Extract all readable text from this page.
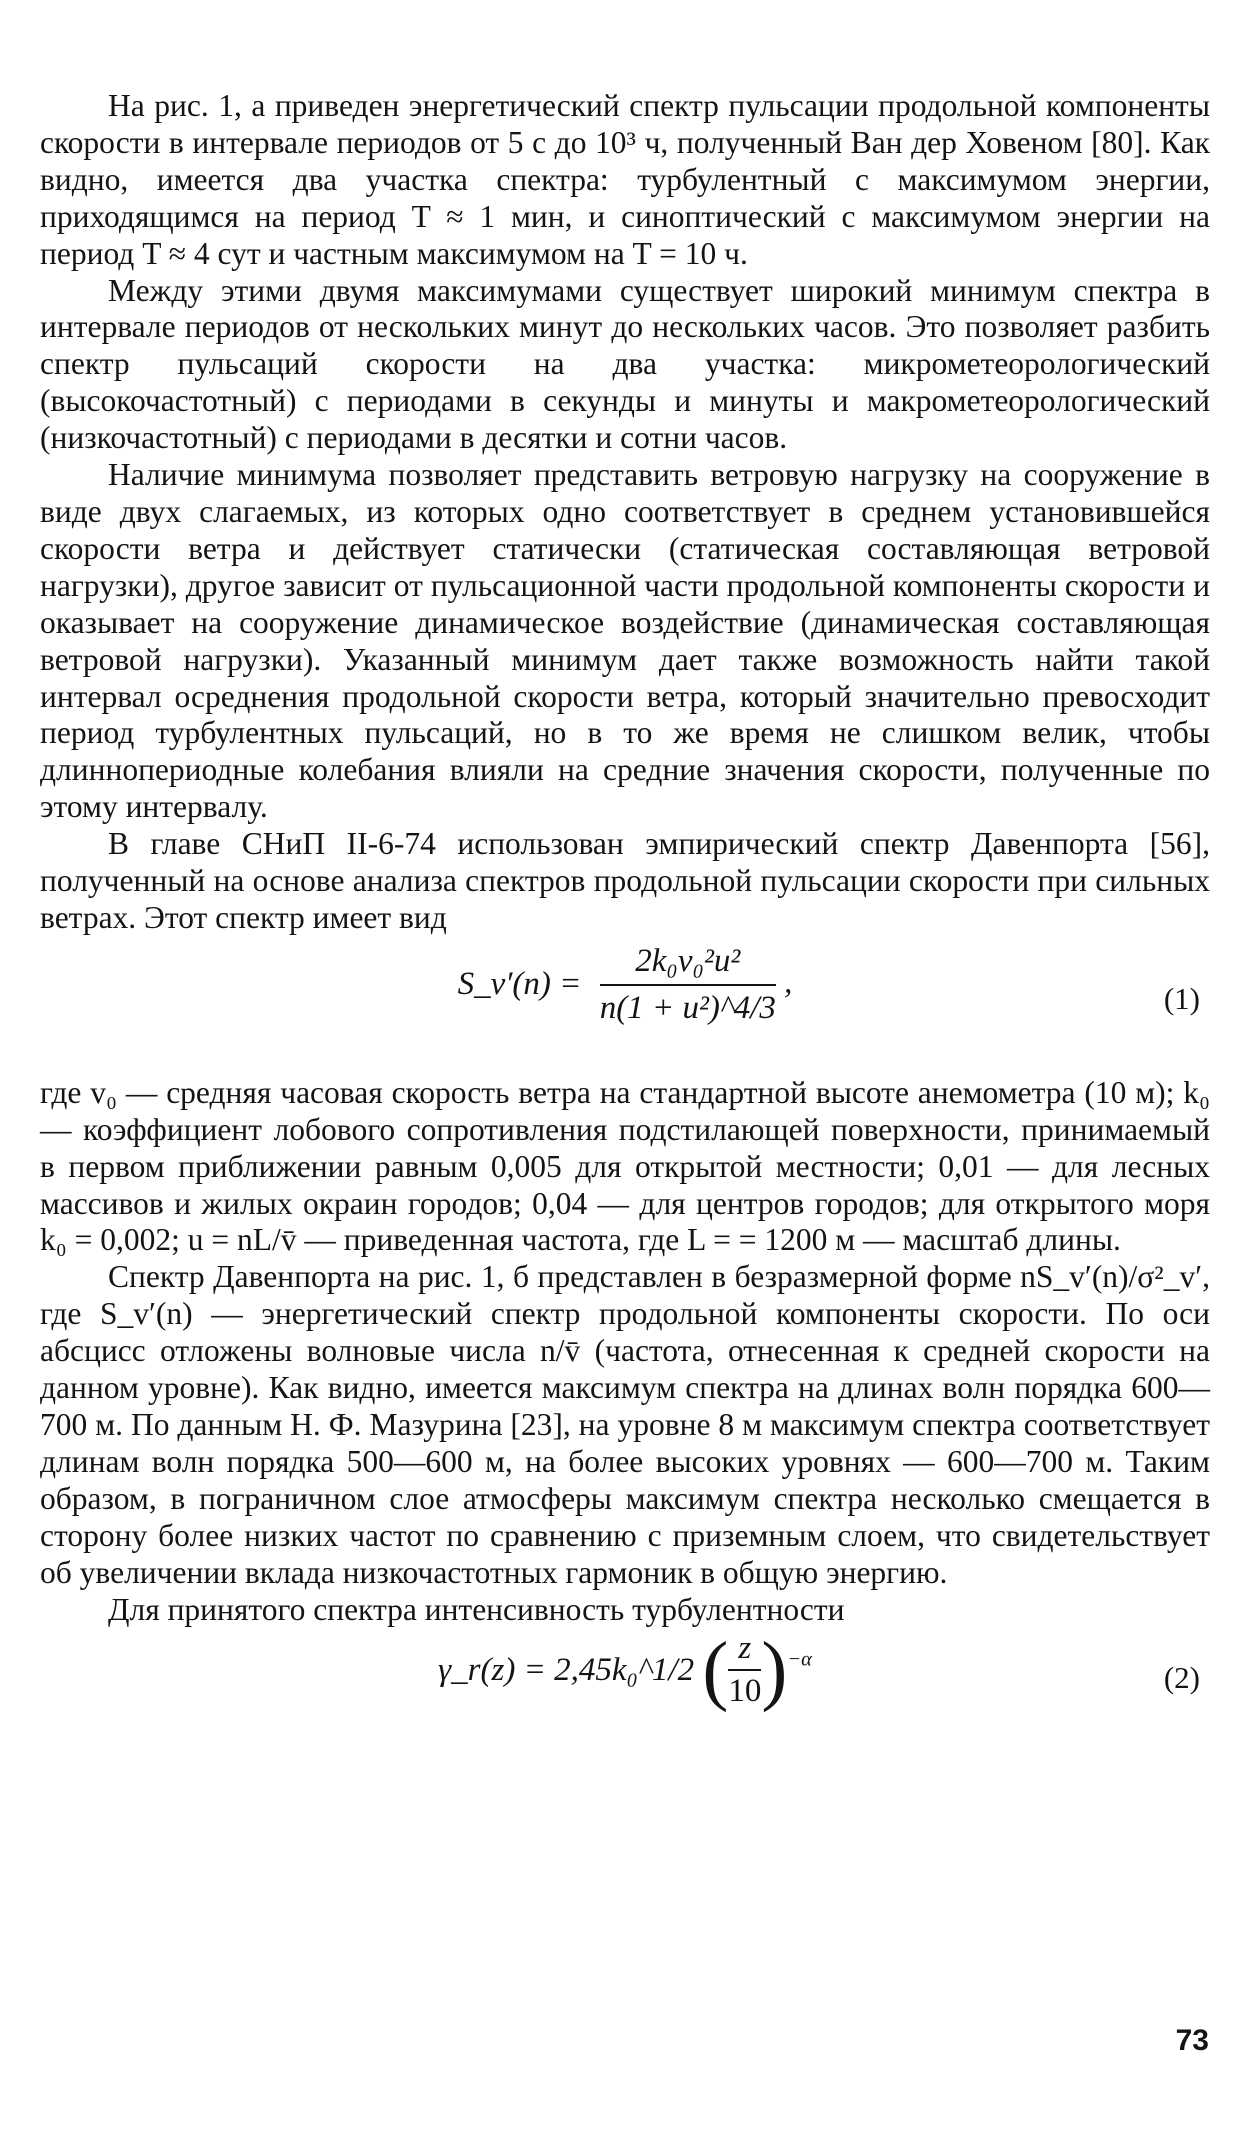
На рис. 1, а приведен энергетический спектр пульсации продольной компоненты скорости в интервале периодов от 5 с до 10³ ч, полученный Ван дер Ховеном [80]. Как видно, имеется два участка спектра: турбулентный с максимумом энергии, приходящимся на период T ≈ 1 мин, и синоптический с максимумом энергии на период T ≈ 4 сут и частным максимумом на T = 10 ч.

Между этими двумя максимумами существует широкий минимум спектра в интервале периодов от нескольких минут до нескольких часов. Это позволяет разбить спектр пульсаций скорости на два участка: микрометеорологический (высокочастотный) с периодами в секунды и минуты и макрометеорологический (низкочастотный) с периодами в десятки и сотни часов.

Наличие минимума позволяет представить ветровую нагрузку на сооружение в виде двух слагаемых, из которых одно соответствует в среднем установившейся скорости ветра и действует статически (статическая составляющая ветровой нагрузки), другое зависит от пульсационной части продольной компоненты скорости и оказывает на сооружение динамическое воздействие (динамическая составляющая ветровой нагрузки). Указанный минимум дает также возможность найти такой интервал осреднения продольной скорости ветра, который значительно превосходит период турбулентных пульсаций, но в то же время не слишком велик, чтобы длиннопериодные колебания влияли на средние значения скорости, полученные по этому интервалу.

В главе СНиП II-6-74 использован эмпирический спектр Давенпорта [56], полученный на основе анализа спектров продольной пульсации скорости при сильных ветрах. Этот спектр имеет вид

S_v′(n) = $\frac{\text{2k₀v₀²u²}}{\text{n(1 + u²)\textasciicircum{}4/3}}$ ,	(1)

где v₀ — средняя часовая скорость ветра на стандартной высоте анемометра (10 м); k₀ — коэффициент лобового сопротивления подстилающей поверхности, принимаемый в первом приближении равным 0,005 для открытой местности; 0,01 — для лесных массивов и жилых окраин городов; 0,04 — для центров городов; для открытого моря k₀ = 0,002; u = nL/v̄ — приведенная частота, где L = = 1200 м — масштаб длины.

Спектр Давенпорта на рис. 1, б представлен в безразмерной форме nS_v′(n)/σ²_v′, где S_v′(n) — энергетический спектр продольной компоненты скорости. По оси абсцисс отложены волновые числа n/v̄ (частота, отнесенная к средней скорости на данном уровне). Как видно, имеется максимум спектра на длинах волн порядка 600—700 м. По данным Н. Ф. Мазурина [23], на уровне 8 м максимум спектра соответствует длинам волн порядка 500—600 м, на более высоких уровнях — 600—700 м. Таким образом, в пограничном слое атмосферы максимум спектра несколько смещается в сторону более низких частот по сравнению с приземным слоем, что свидетельствует об увеличении вклада низкочастотных гармоник в общую энергию.

Для принятого спектра интенсивность турбулентности

γ_r(z) = 2,45k₀^1/2 ( $\frac{z}{10} )^{-\alpha}$
(2)
73
